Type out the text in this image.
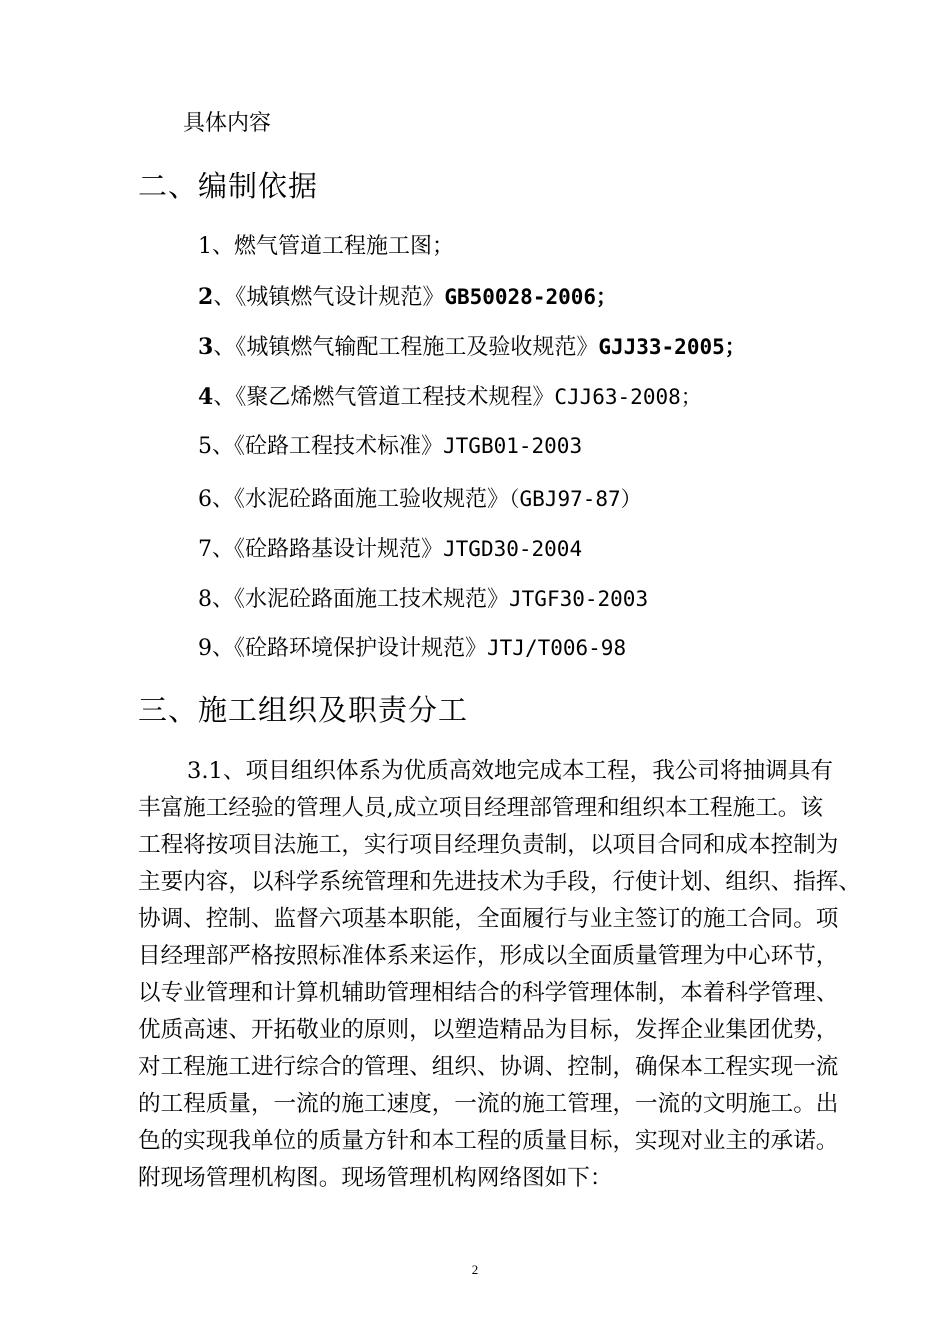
具体内容
二、编制依据
1、燃气管道工程施工图；
2、《城镇燃气设计规范》GB50028-2006；
3、《城镇燃气输配工程施工及验收规范》GJJ33-2005；
4、《聚乙烯燃气管道工程技术规程》CJJ63-2008；
5、《砼路工程技术标准》JTGB01-2003
6、《水泥砼路面施工验收规范》（GBJ97-87）
7、《砼路路基设计规范》JTGD30-2004
8、《水泥砼路面施工技术规范》JTGF30-2003
9、《砼路环境保护设计规范》JTJ/T006-98
三、施工组织及职责分工
3.1、项目组织体系为优质高效地完成本工程，我公司将抽调具有
丰富施工经验的管理人员,成立项目经理部管理和组织本工程施工。该
工程将按项目法施工，实行项目经理负责制，以项目合同和成本控制为
主要内容，以科学系统管理和先进技术为手段，行使计划、组织、指挥、
协调、控制、监督六项基本职能，全面履行与业主签订的施工合同。项
目经理部严格按照标准体系来运作，形成以全面质量管理为中心环节，
以专业管理和计算机辅助管理相结合的科学管理体制，本着科学管理、
优质高速、开拓敬业的原则，以塑造精品为目标，发挥企业集团优势，
对工程施工进行综合的管理、组织、协调、控制，确保本工程实现一流
的工程质量，一流的施工速度，一流的施工管理，一流的文明施工。出
色的实现我单位的质量方针和本工程的质量目标，实现对业主的承诺。
附现场管理机构图。现场管理机构网络图如下：
2
